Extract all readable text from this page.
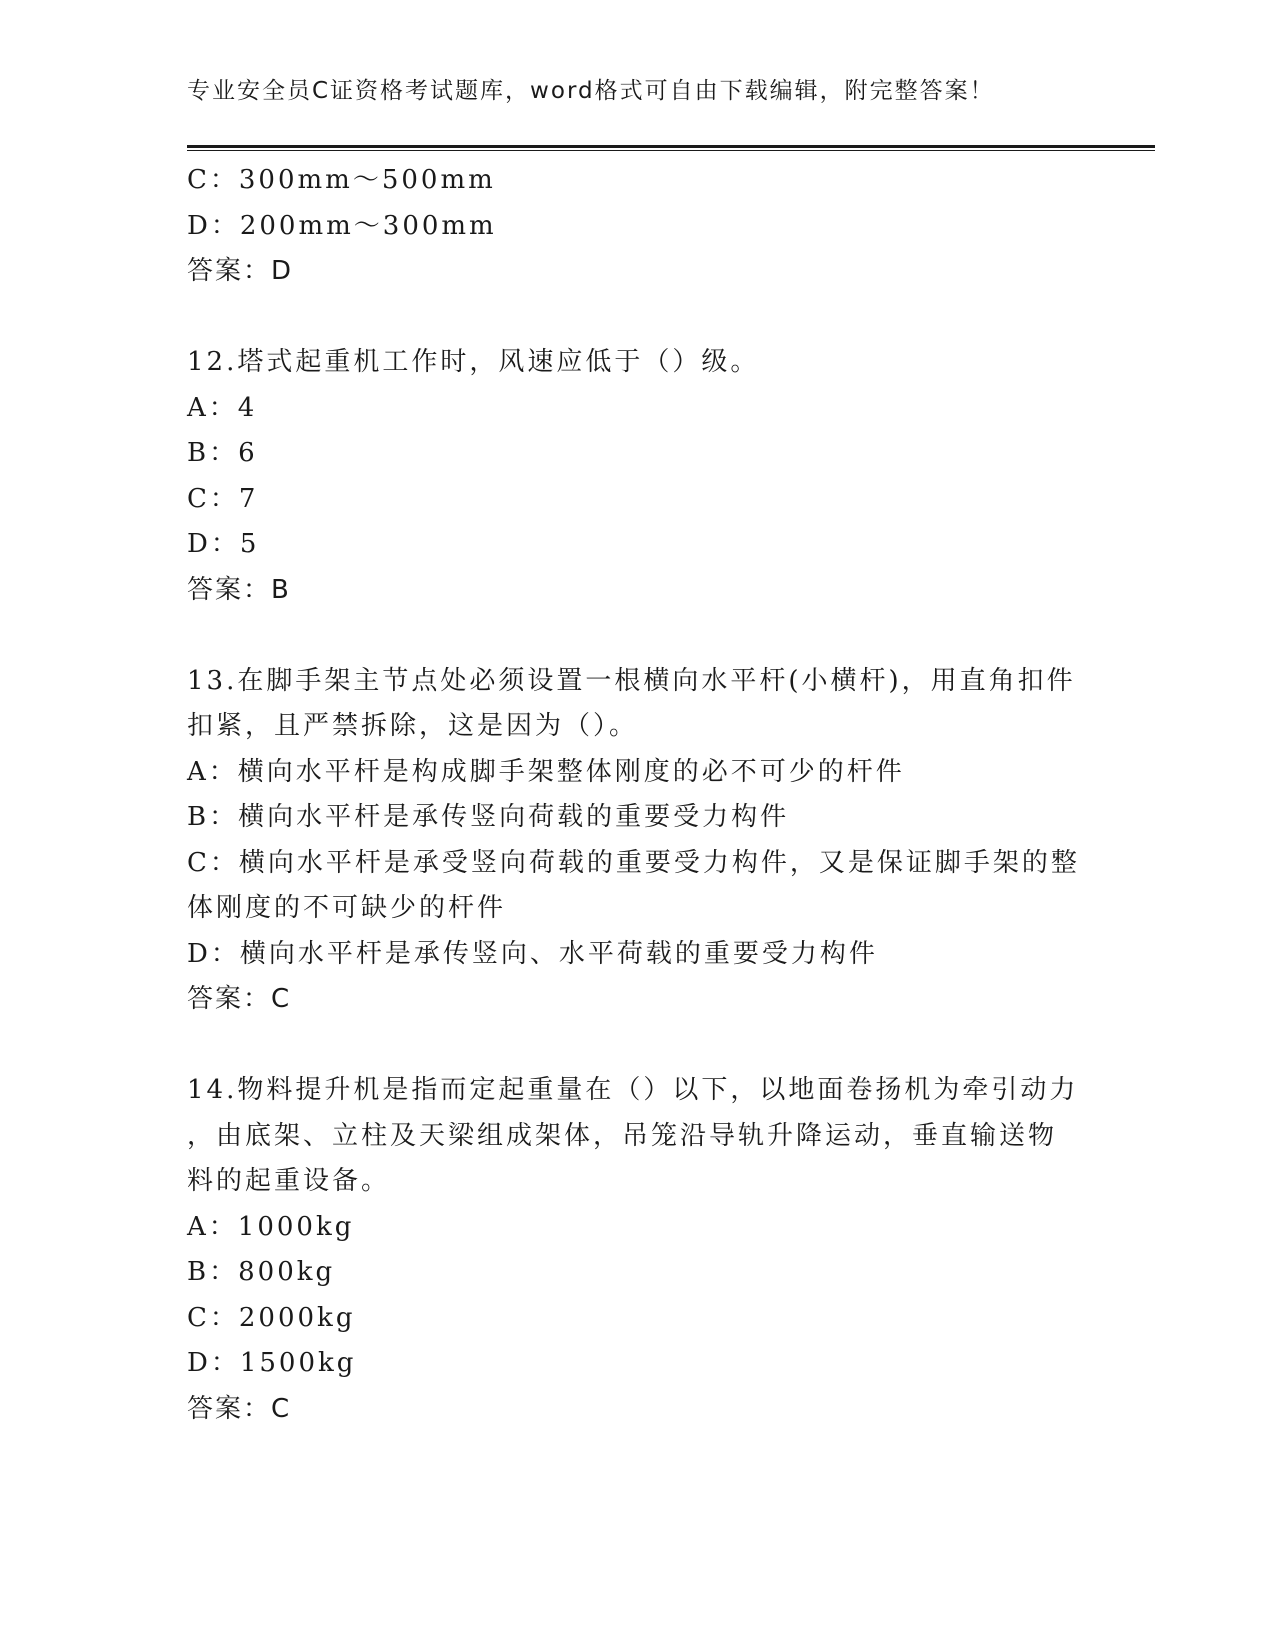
专业安全员C证资格考试题库，word格式可自由下载编辑，附完整答案！
C：300mm～500mm
D：200mm～300mm
答案：D
12.塔式起重机工作时，风速应低于（）级。
A：4
B：6
C：7
D：5
答案：B
13.在脚手架主节点处必须设置一根横向水平杆(小横杆)，用直角扣件
扣紧，且严禁拆除，这是因为（）。
A：横向水平杆是构成脚手架整体刚度的必不可少的杆件
B：横向水平杆是承传竖向荷载的重要受力构件
C：横向水平杆是承受竖向荷载的重要受力构件，又是保证脚手架的整
体刚度的不可缺少的杆件
D：横向水平杆是承传竖向、水平荷载的重要受力构件
答案：C
14.物料提升机是指而定起重量在（）以下，以地面卷扬机为牵引动力
，由底架、立柱及天梁组成架体，吊笼沿导轨升降运动，垂直输送物
料的起重设备。
A：1000kg
B：800kg
C：2000kg
D：1500kg
答案：C
